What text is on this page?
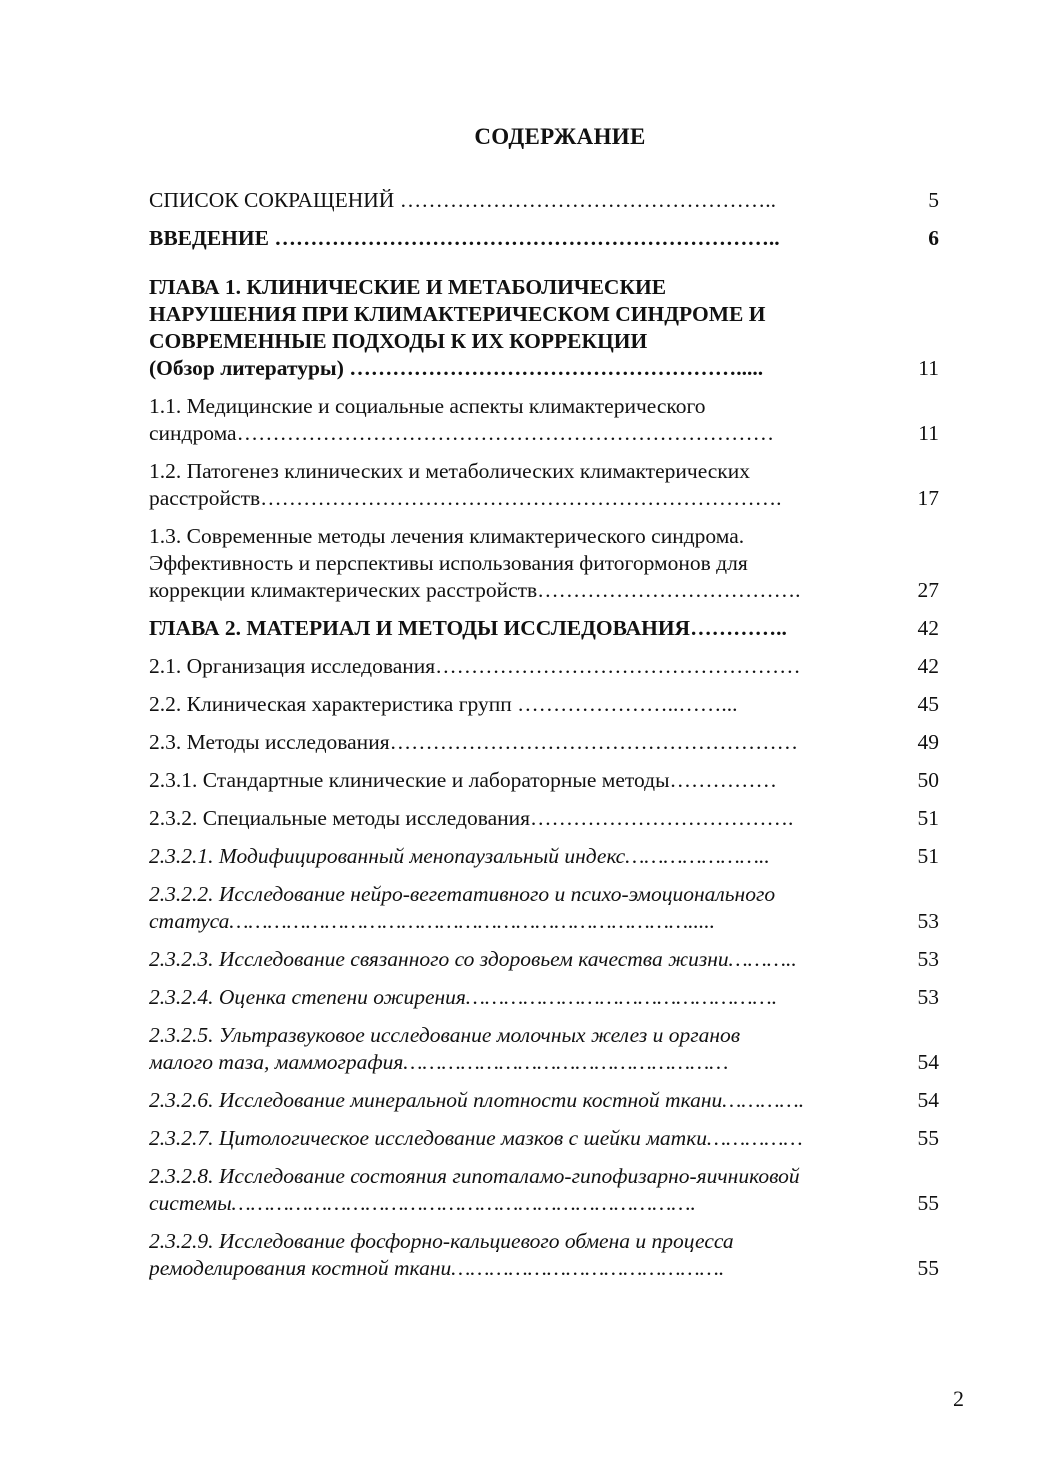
СОДЕРЖАНИЕ
СПИСОК СОКРАЩЕНИЙ ……………………………………………..	5
ВВЕДЕНИЕ ……………………………………………………………..	6
ГЛАВА 1. КЛИНИЧЕСКИЕ И МЕТАБОЛИЧЕСКИЕ
НАРУШЕНИЯ ПРИ КЛИМАКТЕРИЧЕСКОМ СИНДРОМЕ И
СОВРЕМЕННЫЕ ПОДХОДЫ К ИХ КОРРЕКЦИИ
(Обзор литературы) ……………………………………………….....	11
1.1. Медицинские и социальные аспекты климактерического
синдрома…………………………………………………………………	11
1.2. Патогенез клинических и метаболических климактерических
расстройств……………………………………………………………….	17
1.3. Современные методы лечения климактерического синдрома.
Эффективность и перспективы использования фитогормонов для
коррекции климактерических расстройств……………………………….	27
ГЛАВА 2. МАТЕРИАЛ И МЕТОДЫ ИССЛЕДОВАНИЯ…………..	42
2.1. Организация исследования……………………………………………	42
2.2. Клиническая характеристика групп …………………..……...	45
2.3. Методы исследования…………………………………………………	49
2.3.1. Стандартные клинические и лабораторные методы……………	50
2.3.2. Специальные методы исследования……………………………….	51
2.3.2.1. Модифицированный менопаузальный индекс…………………..	51
2.3.2.2. Исследование нейро-вегетативного и психо-эмоционального
статуса……………………………………………………………….....	53
2.3.2.3. Исследование связанного со здоровьем качества жизни………..	53
2.3.2.4. Оценка степени ожирения………………………………………….	53
2.3.2.5. Ультразвуковое исследование молочных желез и органов
малого таза, маммография……………………………………………	54
2.3.2.6. Исследование минеральной плотности костной ткани………….	54
2.3.2.7. Цитологическое исследование мазков с шейки матки……………	55
2.3.2.8. Исследование состояния гипоталамо-гипофизарно-яичниковой
системы……………………………………………………………….	55
2.3.2.9. Исследование фосфорно-кальциевого обмена и процесса
ремоделирования костной ткани…………………………………….	55
2
